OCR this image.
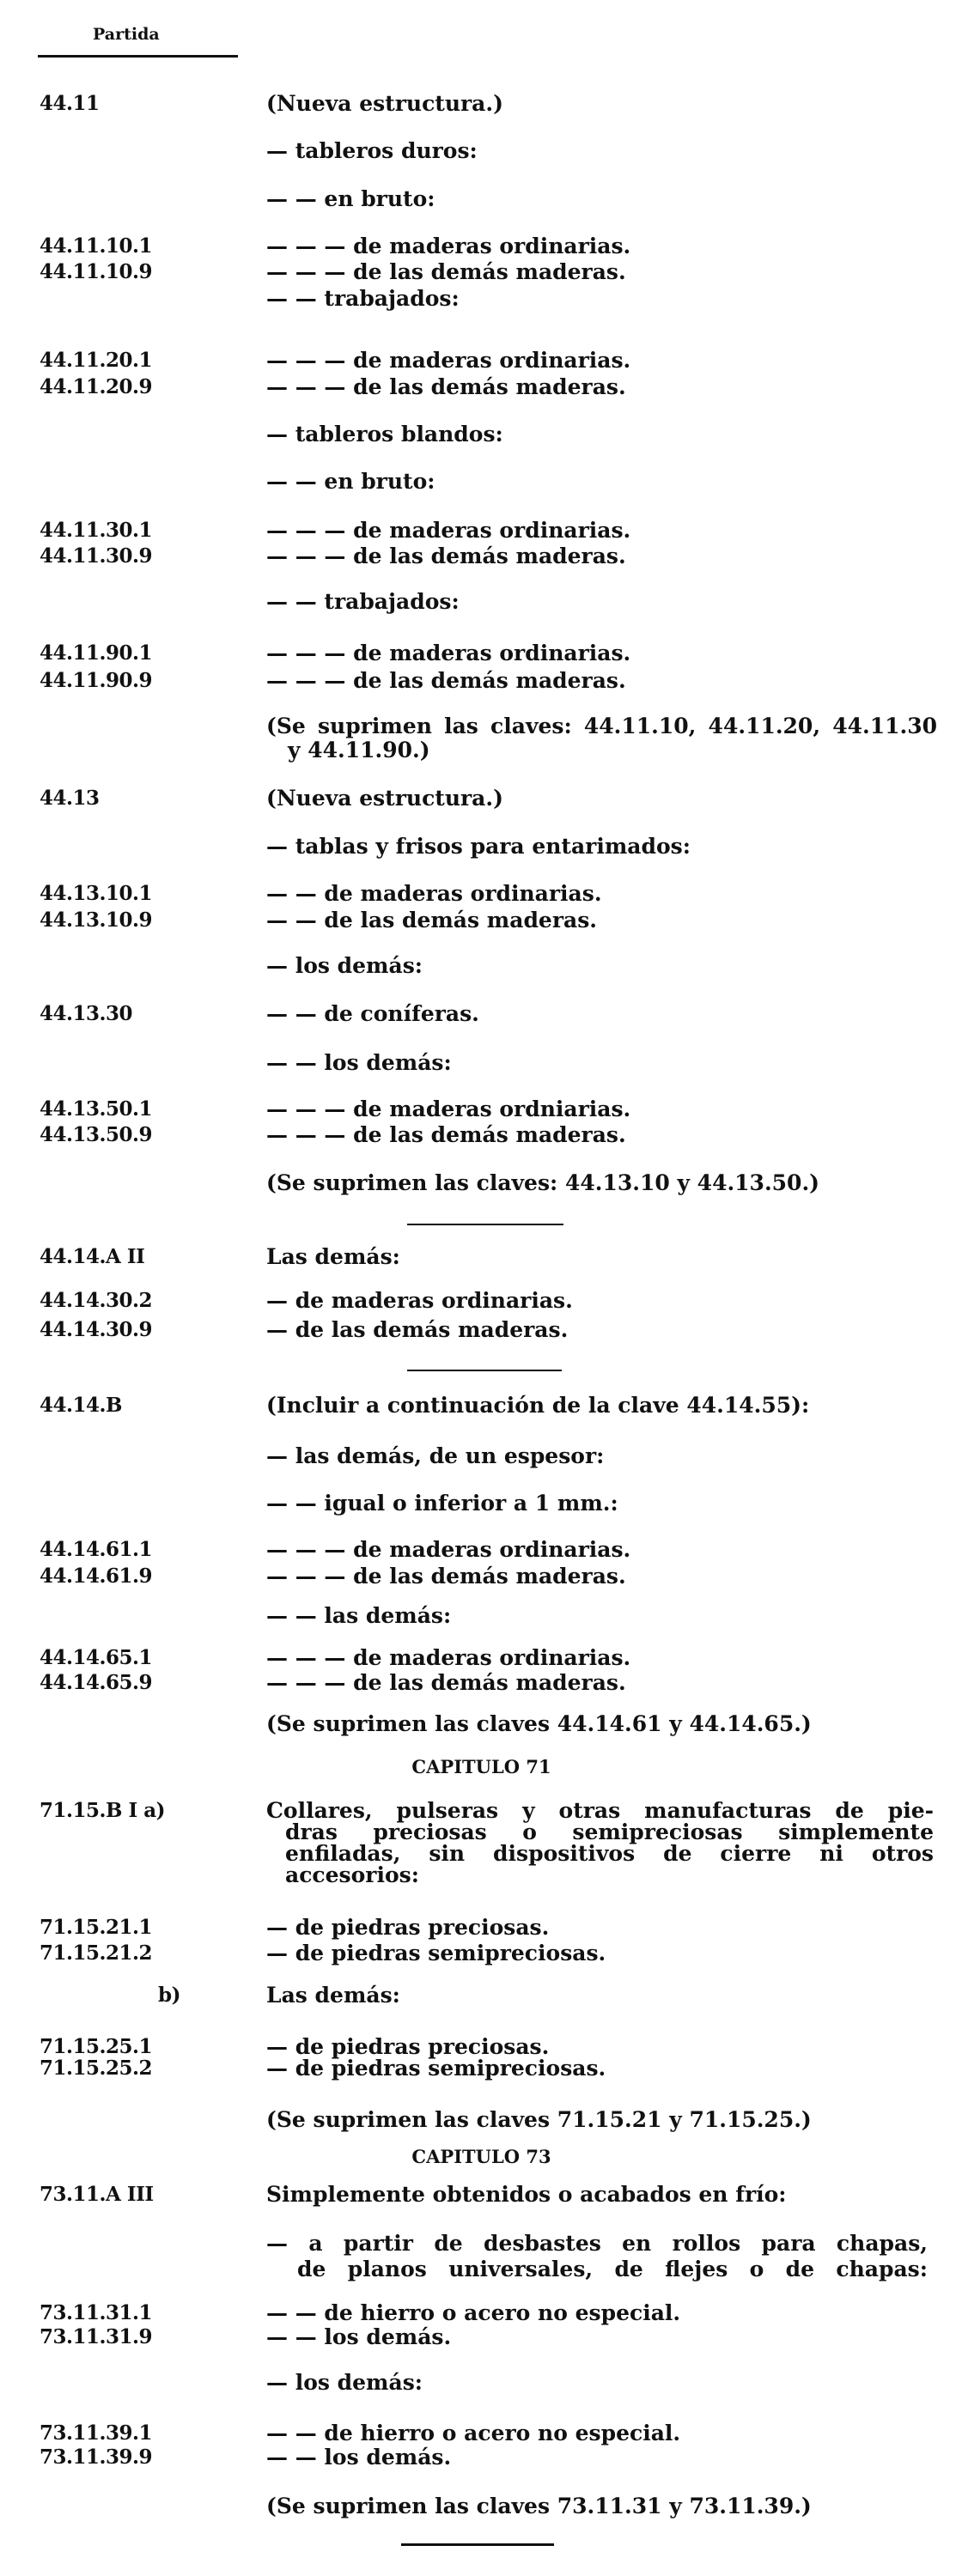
Partida
44.11	(Nueva estructura.)
— tableros duros:
— — en bruto:
44.11.10.1	— — — de maderas ordinarias.
44.11.10.9	— — — de las demás maderas.
— — trabajados:
44.11.20.1	— — — de maderas ordinarias.
44.11.20.9	— — — de las demás maderas.
— tableros blandos:
— — en bruto:
44.11.30.1	— — — de maderas ordinarias.
44.11.30.9	— — — de las demás maderas.
— — trabajados:
44.11.90.1	— — — de maderas ordinarias.
44.11.90.9	— — — de las demás maderas.
(Se suprimen las claves: 44.11.10, 44.11.20, 44.11.30
y 44.11.90.)
44.13	(Nueva estructura.)
— tablas y frisos para entarimados:
44.13.10.1	— — de maderas ordinarias.
44.13.10.9	— — de las demás maderas.
— los demás:
44.13.30	— — de coníferas.
— — los demás:
44.13.50.1	— — — de maderas ordniarias.
44.13.50.9	— — — de las demás maderas.
(Se suprimen las claves: 44.13.10 y 44.13.50.)
44.14.A II	Las demás:
44.14.30.2	— de maderas ordinarias.
44.14.30.9	— de las demás maderas.
44.14.B	(Incluir a continuación de la clave 44.14.55):
— las demás, de un espesor:
— — igual o inferior a 1 mm.:
44.14.61.1	— — — de maderas ordinarias.
44.14.61.9	— — — de las demás maderas.
— — las demás:
44.14.65.1	— — — de maderas ordinarias.
44.14.65.9	— — — de las demás maderas.
(Se suprimen las claves 44.14.61 y 44.14.65.)
CAPITULO 71
71.15.B I a)	Collares, pulseras y otras manufacturas de pie-
dras preciosas o semipreciosas simplemente
enfiladas, sin dispositivos de cierre ni otros
accesorios:
71.15.21.1	— de piedras preciosas.
71.15.21.2	— de piedras semipreciosas.
b)	Las demás:
71.15.25.1	— de piedras preciosas.
71.15.25.2	— de piedras semipreciosas.
(Se suprimen las claves 71.15.21 y 71.15.25.)
CAPITULO 73
73.11.A III	Simplemente obtenidos o acabados en frío:
— a partir de desbastes en rollos para chapas,
de planos universales, de flejes o de chapas:
73.11.31.1	— — de hierro o acero no especial.
73.11.31.9	— — los demás.
— los demás:
73.11.39.1	— — de hierro o acero no especial.
73.11.39.9	— — los demás.
(Se suprimen las claves 73.11.31 y 73.11.39.)
